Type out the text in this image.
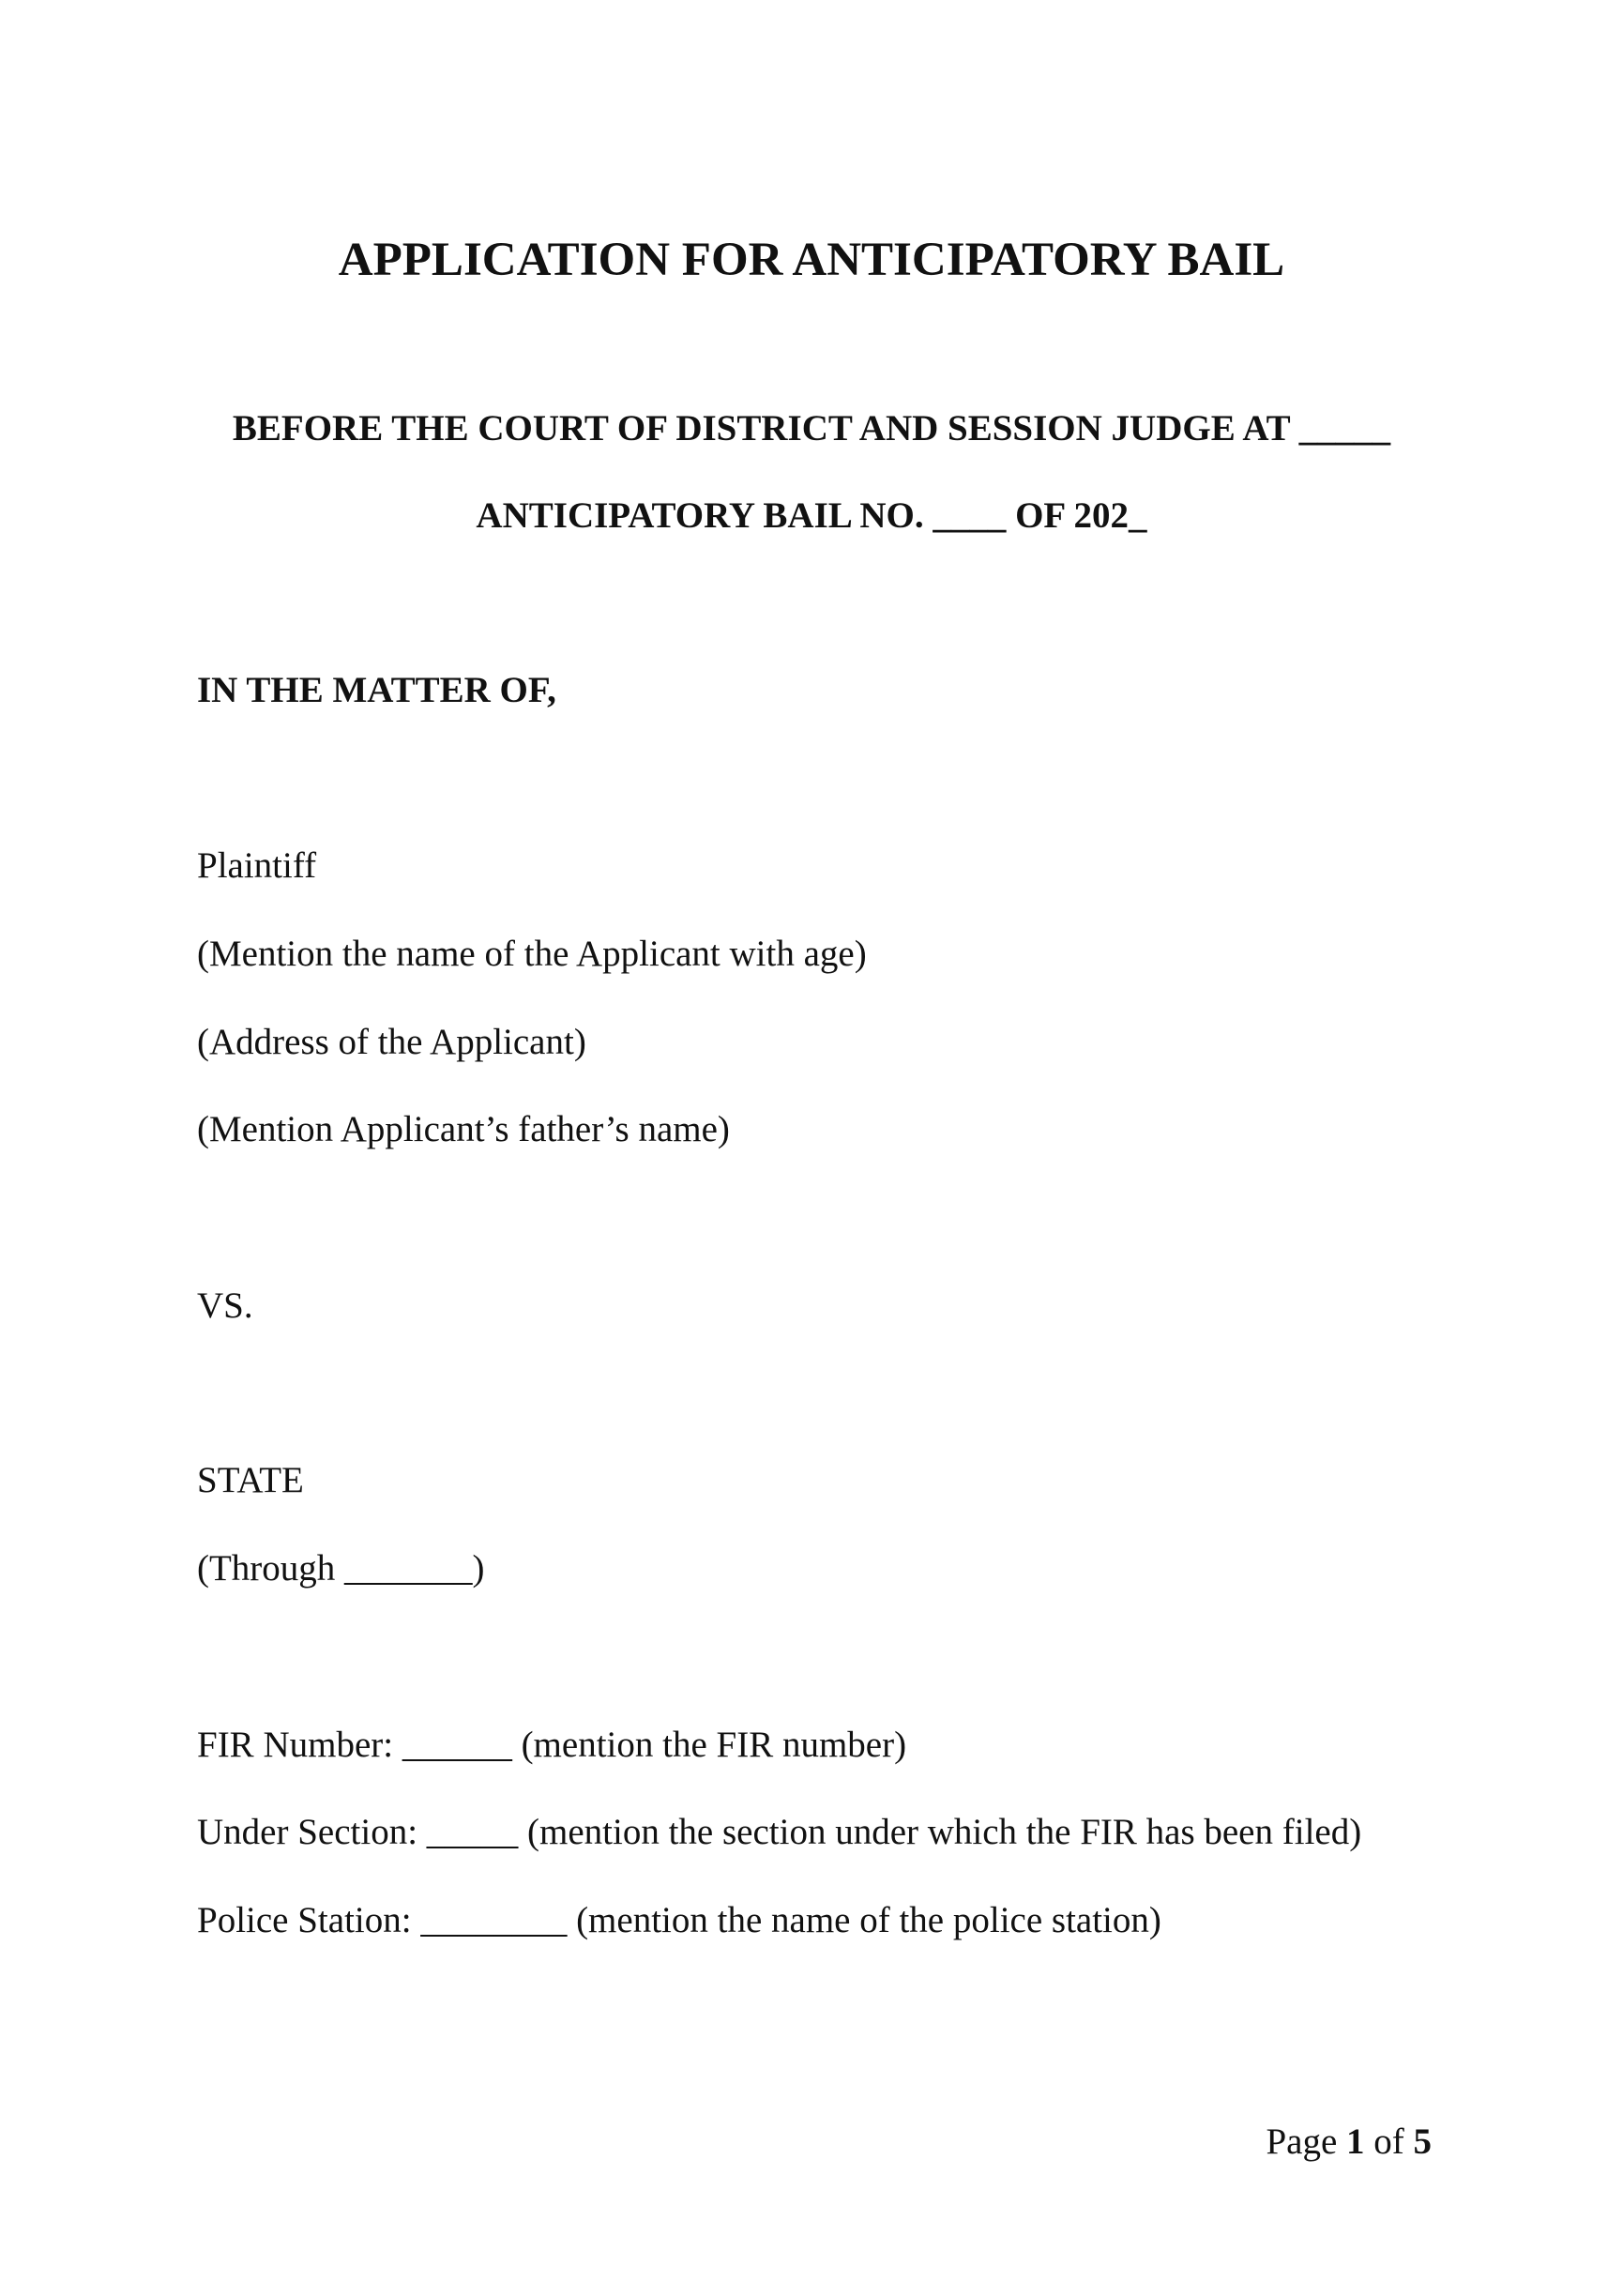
APPLICATION FOR ANTICIPATORY BAIL
BEFORE THE COURT OF DISTRICT AND SESSION JUDGE AT _____
ANTICIPATORY BAIL NO. ____ OF 202_
IN THE MATTER OF,
Plaintiff
(Mention the name of the Applicant with age)
(Address of the Applicant)
(Mention Applicant’s father’s name)
VS.
STATE
(Through _______)
FIR Number: ______ (mention the FIR number)
Under Section: _____ (mention the section under which the FIR has been filed)
Police Station: ________ (mention the name of the police station)
Page 1 of 5
